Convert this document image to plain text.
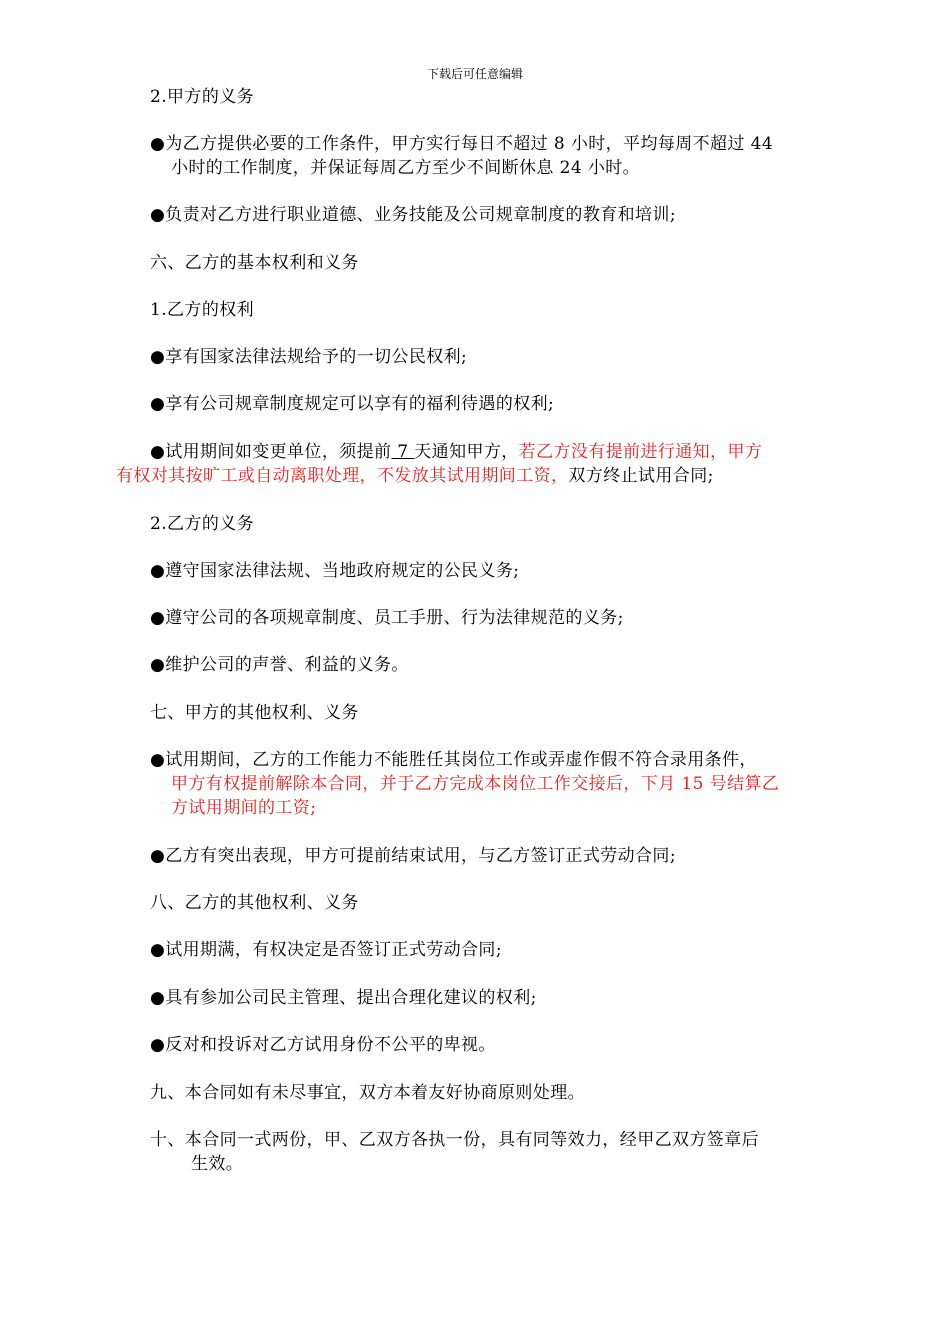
下载后可任意编辑
2.甲方的义务
●为乙方提供必要的工作条件，甲方实行每日不超过 8 小时，平均每周不超过 44
小时的工作制度，并保证每周乙方至少不间断休息 24 小时。
●负责对乙方进行职业道德、业务技能及公司规章制度的教育和培训;
六、乙方的基本权利和义务
1.乙方的权利
●享有国家法律法规给予的一切公民权利;
●享有公司规章制度规定可以享有的福利待遇的权利;
●试用期间如变更单位，须提前 7 天通知甲方，若乙方没有提前进行通知，甲方
有权对其按旷工或自动离职处理，不发放其试用期间工资，双方终止试用合同;
2.乙方的义务
●遵守国家法律法规、当地政府规定的公民义务;
●遵守公司的各项规章制度、员工手册、行为法律规范的义务;
●维护公司的声誉、利益的义务。
七、甲方的其他权利、义务
●试用期间，乙方的工作能力不能胜任其岗位工作或弄虚作假不符合录用条件，
甲方有权提前解除本合同，并于乙方完成本岗位工作交接后，下月 15 号结算乙
方试用期间的工资;
●乙方有突出表现，甲方可提前结束试用，与乙方签订正式劳动合同;
八、乙方的其他权利、义务
●试用期满，有权决定是否签订正式劳动合同;
●具有参加公司民主管理、提出合理化建议的权利;
●反对和投诉对乙方试用身份不公平的卑视。
九、本合同如有未尽事宜，双方本着友好协商原则处理。
十、本合同一式两份，甲、乙双方各执一份，具有同等效力，经甲乙双方签章后
生效。
